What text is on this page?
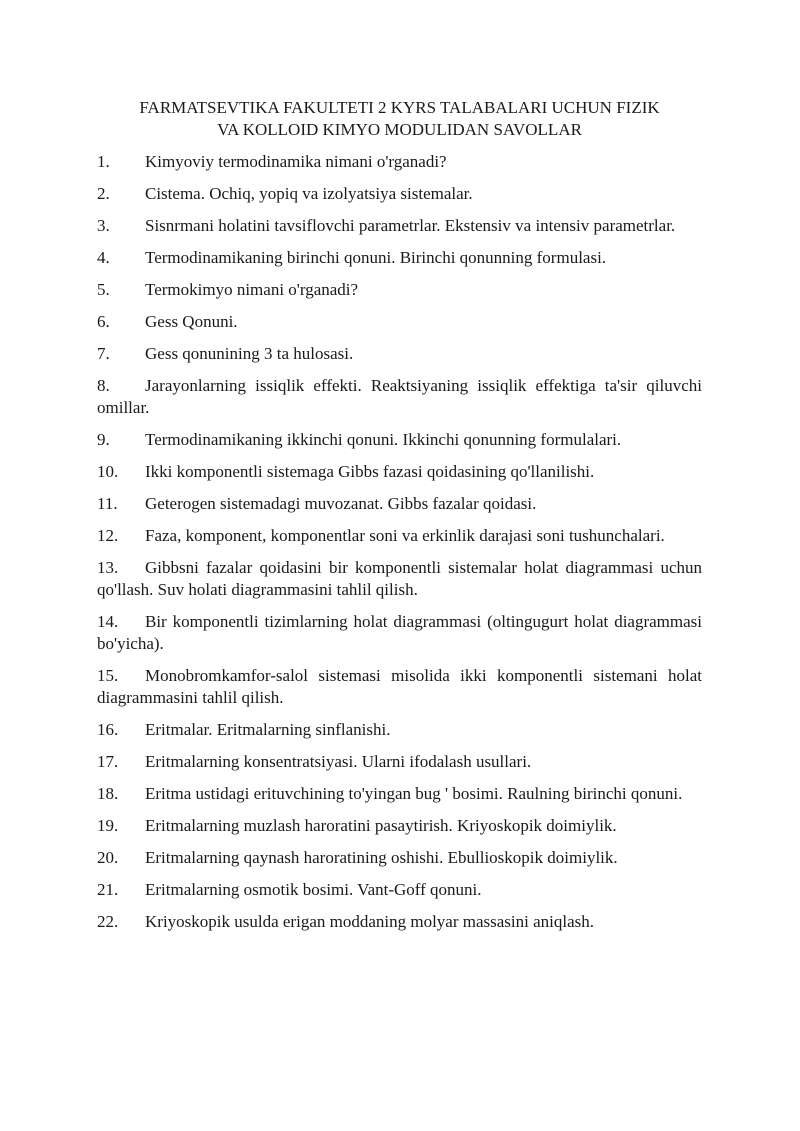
FARMATSEVTIKA FAKULTETI 2 KYRS TALABALARI UCHUN FIZIK
VA KOLLOID KIMYO MODULIDAN SAVOLLAR
1. Kimyoviy termodinamika nimani o'rganadi?
2. Cistema. Ochiq, yopiq va izolyatsiya sistemalar.
3. Sisnrmani holatini tavsiflovchi parametrlar. Ekstensiv va intensiv parametrlar.
4. Termodinamikaning birinchi qonuni. Birinchi qonunning formulasi.
5. Termokimyo nimani o'rganadi?
6. Gess Qonuni.
7. Gess qonunining 3 ta hulosasi.
8. Jarayonlarning issiqlik effekti. Reaktsiyaning issiqlik effektiga ta'sir qiluvchi omillar.
9. Termodinamikaning ikkinchi qonuni. Ikkinchi qonunning formulalari.
10. Ikki komponentli sistemaga Gibbs fazasi qoidasining qo'llanilishi.
11. Geterogen sistemadagi muvozanat. Gibbs fazalar qoidasi.
12. Faza, komponent, komponentlar soni va erkinlik darajasi soni tushunchalari.
13. Gibbsni fazalar qoidasini bir komponentli sistemalar holat diagrammasi uchun qo'llash. Suv holati diagrammasini tahlil qilish.
14. Bir komponentli tizimlarning holat diagrammasi (oltingugurt holat diagrammasi bo'yicha).
15. Monobromkamfor-salol sistemasi misolida ikki komponentli sistemani holat diagrammasini tahlil qilish.
16. Eritmalar. Eritmalarning sinflanishi.
17. Eritmalarning konsentratsiyasi. Ularni ifodalash usullari.
18. Eritma ustidagi erituvchining to'yingan bug ' bosimi. Raulning birinchi qonuni.
19. Eritmalarning muzlash haroratini pasaytirish. Kriyoskopik doimiylik.
20. Eritmalarning qaynash haroratining oshishi. Ebullioskopik doimiylik.
21. Eritmalarning osmotik bosimi. Vant-Goff qonuni.
22. Kriyoskopik usulda erigan moddaning molyar massasini aniqlash.
